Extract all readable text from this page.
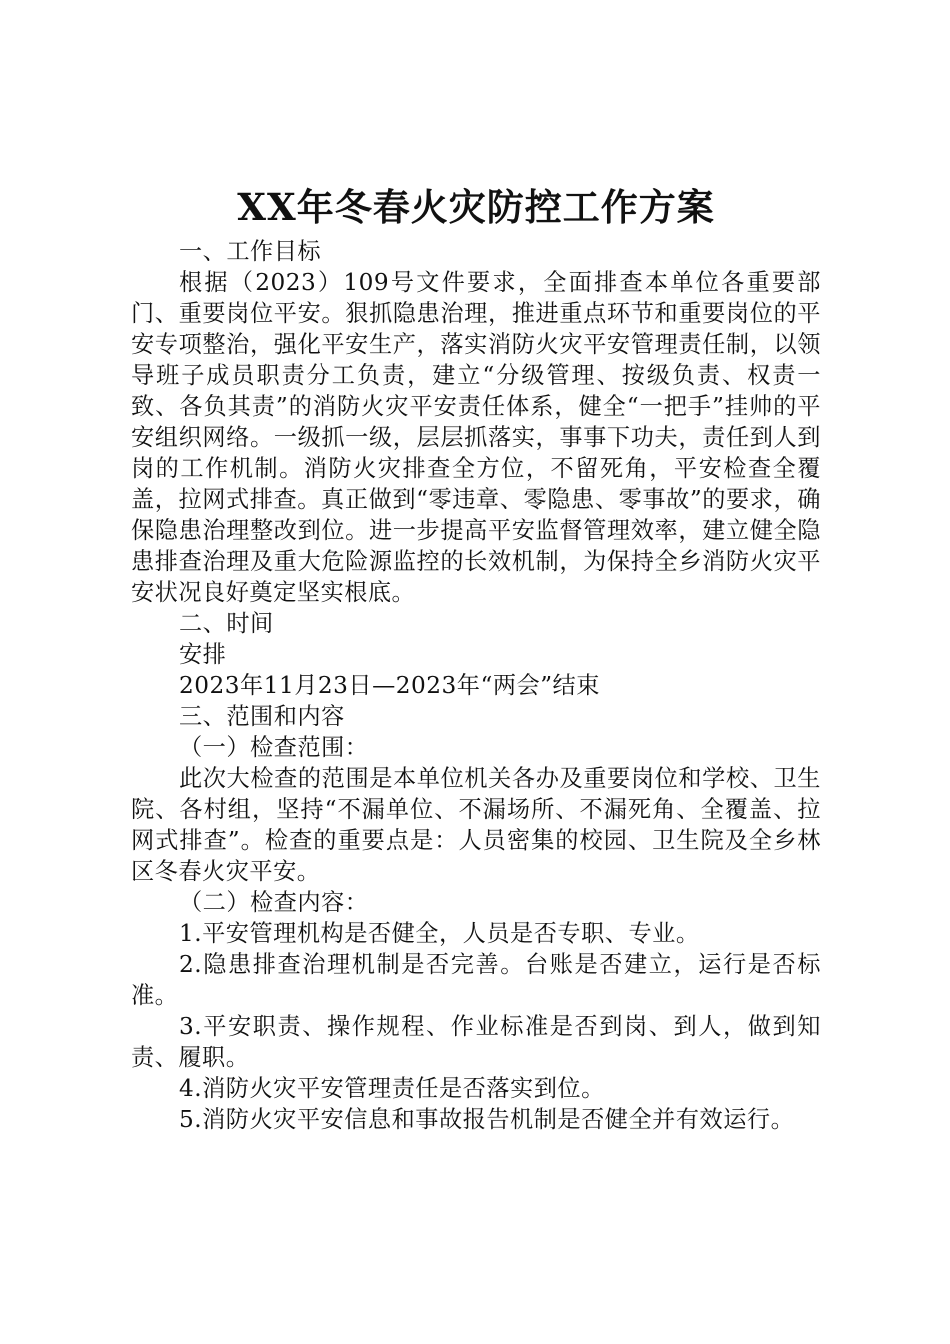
XX年冬春火灾防控工作方案

一、工作目标

根据（2023）109号文件要求，全面排查本单位各重要部门、重要岗位平安。狠抓隐患治理，推进重点环节和重要岗位的平安专项整治，强化平安生产，落实消防火灾平安管理责任制，以领导班子成员职责分工负责，建立“分级管理、按级负责、权责一致、各负其责”的消防火灾平安责任体系，健全“一把手”挂帅的平安组织网络。一级抓一级，层层抓落实，事事下功夫，责任到人到岗的工作机制。消防火灾排查全方位，不留死角，平安检查全覆盖，拉网式排查。真正做到“零违章、零隐患、零事故”的要求，确保隐患治理整改到位。进一步提高平安监督管理效率，建立健全隐患排查治理及重大危险源监控的长效机制，为保持全乡消防火灾平安状况良好奠定坚实根底。

二、时间

安排

2023年11月23日—2023年“两会”结束

三、范围和内容

（一）检查范围：

此次大检查的范围是本单位机关各办及重要岗位和学校、卫生院、各村组，坚持“不漏单位、不漏场所、不漏死角、全覆盖、拉网式排查”。检查的重要点是：人员密集的校园、卫生院及全乡林区冬春火灾平安。

（二）检查内容：

1.平安管理机构是否健全，人员是否专职、专业。

2.隐患排查治理机制是否完善。台账是否建立，运行是否标准。

3.平安职责、操作规程、作业标准是否到岗、到人，做到知责、履职。

4.消防火灾平安管理责任是否落实到位。

5.消防火灾平安信息和事故报告机制是否健全并有效运行。
